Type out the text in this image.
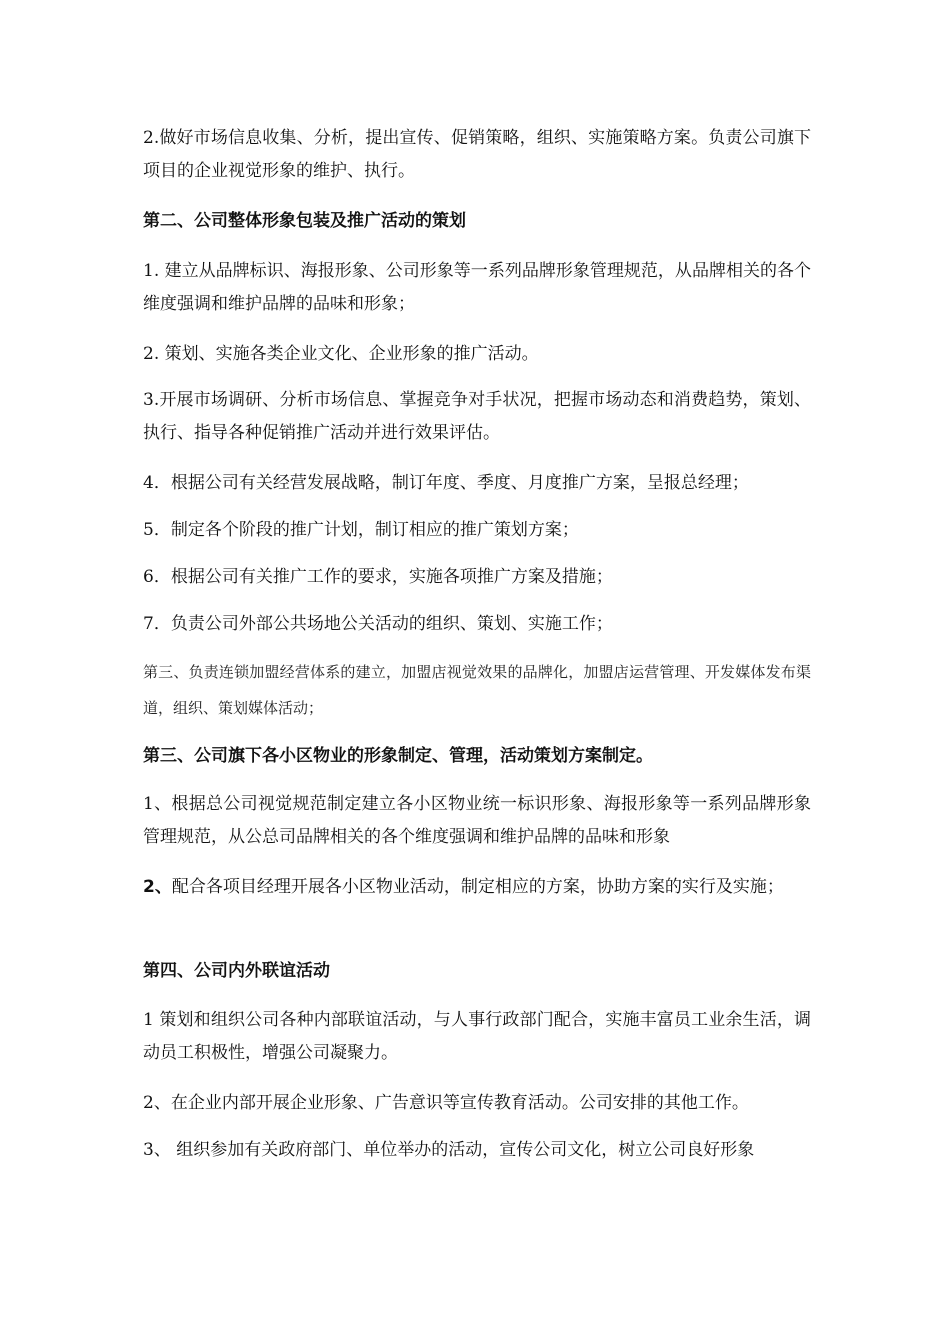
2.做好市场信息收集、分析，提出宣传、促销策略，组织、实施策略方案。负责公司旗下项目的企业视觉形象的维护、执行。
第二、公司整体形象包装及推广活动的策划
1. 建立从品牌标识、海报形象、公司形象等一系列品牌形象管理规范，从品牌相关的各个维度强调和维护品牌的品味和形象；
2. 策划、实施各类企业文化、企业形象的推广活动。
3.开展市场调研、分析市场信息、掌握竞争对手状况，把握市场动态和消费趋势，策划、执行、指导各种促销推广活动并进行效果评估。
4．根据公司有关经营发展战略，制订年度、季度、月度推广方案，呈报总经理；
5．制定各个阶段的推广计划，制订相应的推广策划方案；
6．根据公司有关推广工作的要求，实施各项推广方案及措施；
7．负责公司外部公共场地公关活动的组织、策划、实施工作；
第三、负责连锁加盟经营体系的建立，加盟店视觉效果的品牌化，加盟店运营管理、开发媒体发布渠道，组织、策划媒体活动；
第三、公司旗下各小区物业的形象制定、管理，活动策划方案制定。
1、根据总公司视觉规范制定建立各小区物业统一标识形象、海报形象等一系列品牌形象管理规范，从公总司品牌相关的各个维度强调和维护品牌的品味和形象
2、配合各项目经理开展各小区物业活动，制定相应的方案，协助方案的实行及实施；
第四、公司内外联谊活动
1 策划和组织公司各种内部联谊活动，与人事行政部门配合，实施丰富员工业余生活，调动员工积极性，增强公司凝聚力。
2、在企业内部开展企业形象、广告意识等宣传教育活动。公司安排的其他工作。
3、 组织参加有关政府部门、单位举办的活动，宣传公司文化，树立公司良好形象
